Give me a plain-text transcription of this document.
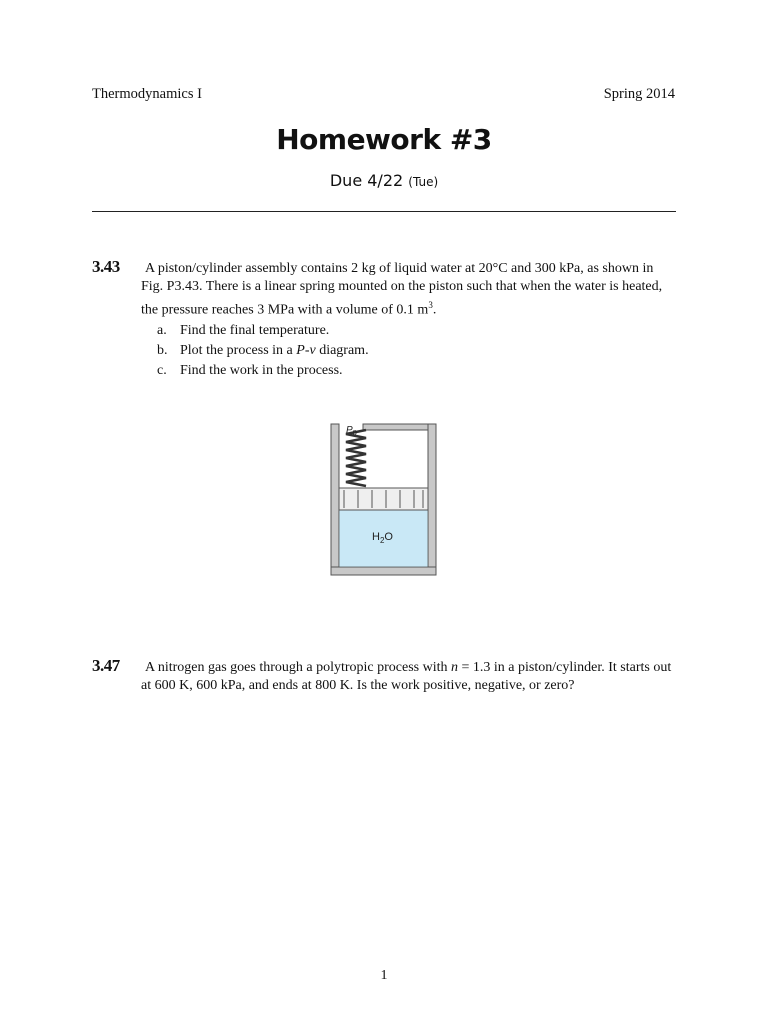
Thermodynamics I	Spring 2014
Homework #3
Due 4/22 (Tue)
3.43 A piston/cylinder assembly contains 2 kg of liquid water at 20°C and 300 kPa, as shown in
Fig. P3.43. There is a linear spring mounted on the piston such that when the water is heated,
the pressure reaches 3 MPa with a volume of 0.1 $m^3$.
a. Find the final temperature.
b. Plot the process in a P-v diagram.
c. Find the work in the process.
$P_0$
$H_2O$
3.47 A nitrogen gas goes through a polytropic process with n = 1.3 in a piston/cylinder. It starts out
at 600 K, 600 kPa, and ends at 800 K. Is the work positive, negative, or zero?
1
